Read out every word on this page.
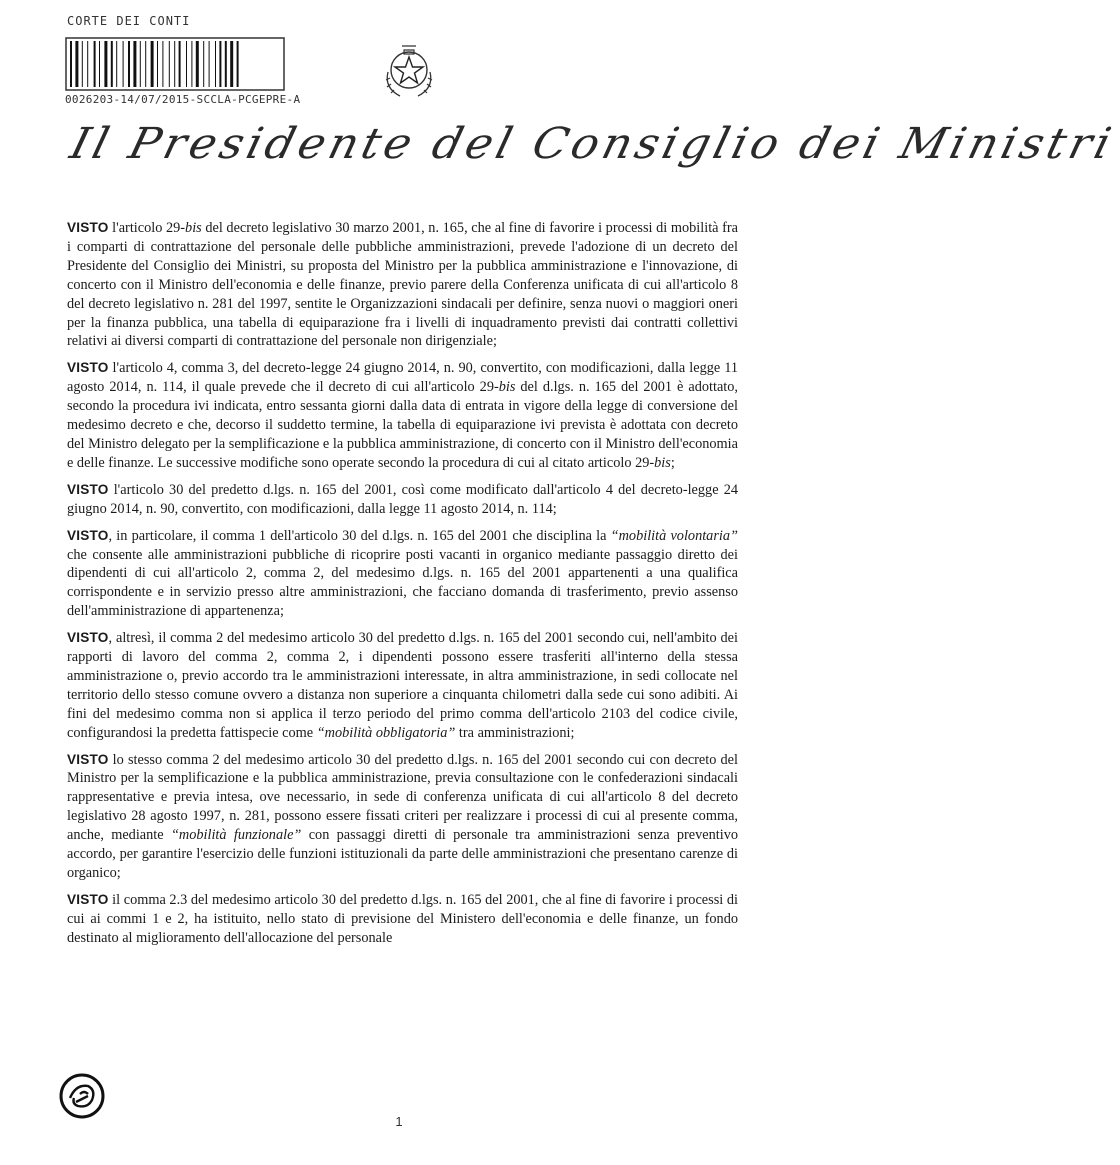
CORTE DEI CONTI
0026203-14/07/2015-SCCLA-PCGEPRE-A
Il Presidente del Consiglio dei Ministri

VISTO l'articolo 29-bis del decreto legislativo 30 marzo 2001, n. 165, che al fine di favorire i processi di mobilità fra i comparti di contrattazione del personale delle pubbliche amministrazioni, prevede l'adozione di un decreto del Presidente del Consiglio dei Ministri, su proposta del Ministro per la pubblica amministrazione e l'innovazione, di concerto con il Ministro dell'economia e delle finanze, previo parere della Conferenza unificata di cui all'articolo 8 del decreto legislativo n. 281 del 1997, sentite le Organizzazioni sindacali per definire, senza nuovi o maggiori oneri per la finanza pubblica, una tabella di equiparazione fra i livelli di inquadramento previsti dai contratti collettivi relativi ai diversi comparti di contrattazione del personale non dirigenziale;

VISTO l'articolo 4, comma 3, del decreto-legge 24 giugno 2014, n. 90, convertito, con modificazioni, dalla legge 11 agosto 2014, n. 114, il quale prevede che il decreto di cui all'articolo 29-bis del d.lgs. n. 165 del 2001 è adottato, secondo la procedura ivi indicata, entro sessanta giorni dalla data di entrata in vigore della legge di conversione del medesimo decreto e che, decorso il suddetto termine, la tabella di equiparazione ivi prevista è adottata con decreto del Ministro delegato per la semplificazione e la pubblica amministrazione, di concerto con il Ministro dell'economia e delle finanze. Le successive modifiche sono operate secondo la procedura di cui al citato articolo 29-bis;

VISTO l'articolo 30 del predetto d.lgs. n. 165 del 2001, così come modificato dall'articolo 4 del decreto-legge 24 giugno 2014, n. 90, convertito, con modificazioni, dalla legge 11 agosto 2014, n. 114;

VISTO, in particolare, il comma 1 dell'articolo 30 del d.lgs. n. 165 del 2001 che disciplina la “mobilità volontaria” che consente alle amministrazioni pubbliche di ricoprire posti vacanti in organico mediante passaggio diretto dei dipendenti di cui all'articolo 2, comma 2, del medesimo d.lgs. n. 165 del 2001 appartenenti a una qualifica corrispondente e in servizio presso altre amministrazioni, che facciano domanda di trasferimento, previo assenso dell'amministrazione di appartenenza;

VISTO, altresì, il comma 2 del medesimo articolo 30 del predetto d.lgs. n. 165 del 2001 secondo cui, nell'ambito dei rapporti di lavoro del comma 2, comma 2, i dipendenti possono essere trasferiti all'interno della stessa amministrazione o, previo accordo tra le amministrazioni interessate, in altra amministrazione, in sedi collocate nel territorio dello stesso comune ovvero a distanza non superiore a cinquanta chilometri dalla sede cui sono adibiti. Ai fini del medesimo comma non si applica il terzo periodo del primo comma dell'articolo 2103 del codice civile, configurandosi la predetta fattispecie come “mobilità obbligatoria” tra amministrazioni;

VISTO lo stesso comma 2 del medesimo articolo 30 del predetto d.lgs. n. 165 del 2001 secondo cui con decreto del Ministro per la semplificazione e la pubblica amministrazione, previa consultazione con le confederazioni sindacali rappresentative e previa intesa, ove necessario, in sede di conferenza unificata di cui all'articolo 8 del decreto legislativo 28 agosto 1997, n. 281, possono essere fissati criteri per realizzare i processi di cui al presente comma, anche, mediante “mobilità funzionale” con passaggi diretti di personale tra amministrazioni senza preventivo accordo, per garantire l'esercizio delle funzioni istituzionali da parte delle amministrazioni che presentano carenze di organico;

VISTO il comma 2.3 del medesimo articolo 30 del predetto d.lgs. n. 165 del 2001, che al fine di favorire i processi di cui ai commi 1 e 2, ha istituito, nello stato di previsione del Ministero dell'economia e delle finanze, un fondo destinato al miglioramento dell'allocazione del personale

1
